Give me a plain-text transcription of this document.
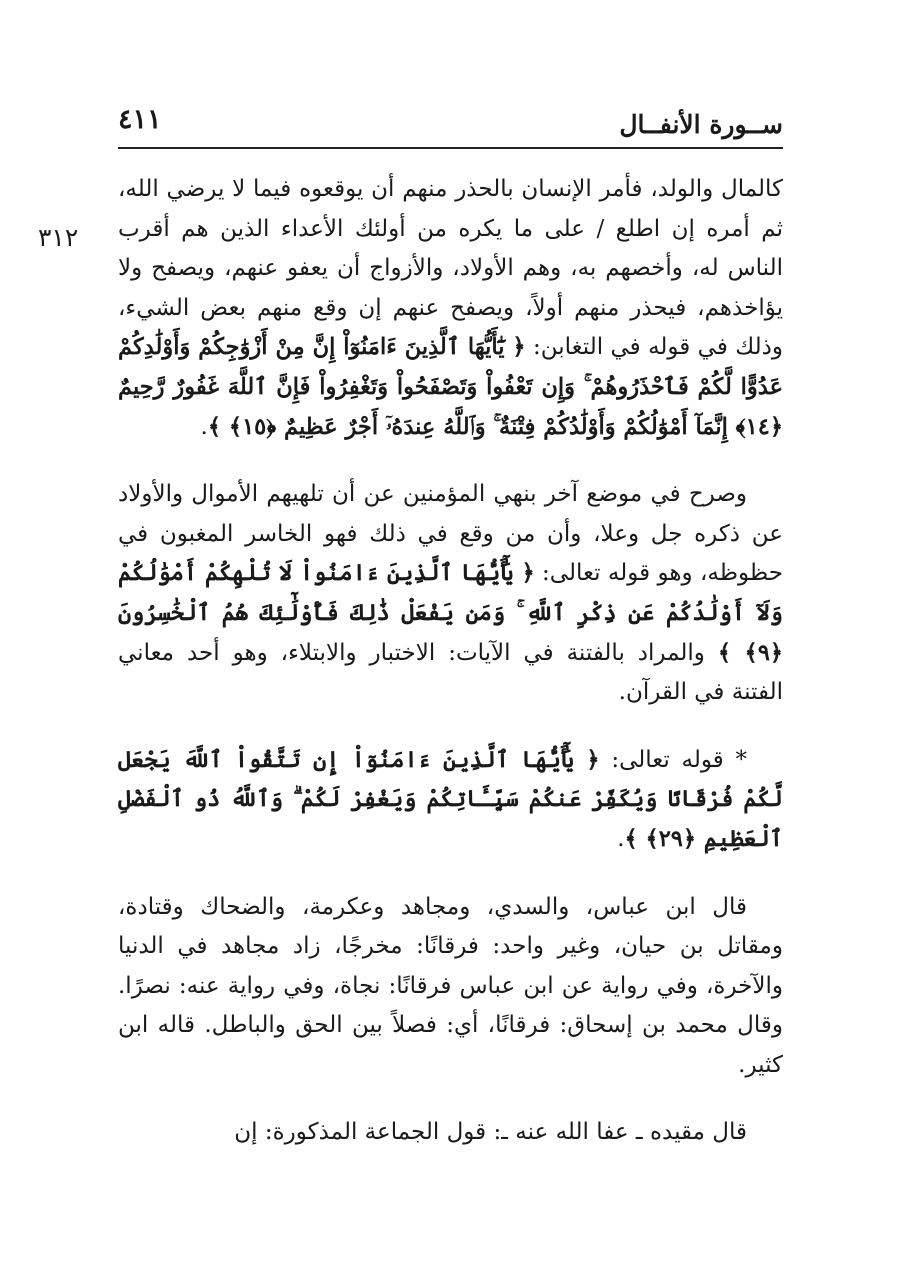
ســورة الأنفــال
٤١١
٣١٢

كالمال والولد، فأمر الإنسان بالحذر منهم أن يوقعوه فيما لا يرضي الله، ثم أمره إن اطلع / على ما يكره من أولئك الأعداء الذين هم أقرب الناس له، وأخصهم به، وهم الأولاد، والأزواج أن يعفو عنهم، ويصفح ولا يؤاخذهم، فيحذر منهم أولاً، ويصفح عنهم إن وقع منهم بعض الشيء، وذلك في قوله في التغابن: ﴿ يَٰٓأَيُّهَا ٱلَّذِينَ ءَامَنُوٓاْ إِنَّ مِنْ أَزْوَٰجِكُمْ وَأَوْلَٰدِكُمْ عَدُوًّا لَّكُمْ فَٱحْذَرُوهُمْ ۚ وَإِن تَعْفُواْ وَتَصْفَحُواْ وَتَغْفِرُواْ فَإِنَّ ٱللَّهَ غَفُورٌ رَّحِيمٌ ﴿١٤﴾ إِنَّمَآ أَمْوَٰلُكُمْ وَأَوْلَٰدُكُمْ فِتْنَةٌ ۚ وَٱللَّهُ عِندَهُۥٓ أَجْرٌ عَظِيمٌ ﴿١٥﴾ ﴾.

وصرح في موضع آخر بنهي المؤمنين عن أن تلهيهم الأموال والأولاد عن ذكره جل وعلا، وأن من وقع في ذلك فهو الخاسر المغبون في حظوظه، وهو قوله تعالى: ﴿ يَٰٓأَيُّهَا ٱلَّذِينَ ءَامَنُواْ لَا تُلْهِكُمْ أَمْوَٰلُكُمْ وَلَآ أَوْلَٰدُكُمْ عَن ذِكْرِ ٱللَّهِ ۚ وَمَن يَفْعَلْ ذَٰلِكَ فَأُوْلَٰٓئِكَ هُمُ ٱلْخَٰسِرُونَ ﴿٩﴾ ﴾ والمراد بالفتنة في الآيات: الاختبار والابتلاء، وهو أحد معاني الفتنة في القرآن.

* قوله تعالى: ﴿ يَٰٓأَيُّهَا ٱلَّذِينَ ءَامَنُوٓاْ إِن تَتَّقُواْ ٱللَّهَ يَجْعَل لَّكُمْ فُرْقَانًا وَيُكَفِّرْ عَنكُمْ سَيِّـَٔاتِكُمْ وَيَغْفِرْ لَكُمْ ۗ وَٱللَّهُ ذُو ٱلْفَضْلِ ٱلْعَظِيمِ ﴿٢٩﴾ ﴾.

قال ابن عباس، والسدي، ومجاهد وعكرمة، والضحاك وقتادة، ومقاتل بن حيان، وغير واحد: فرقانًا: مخرجًا، زاد مجاهد في الدنيا والآخرة، وفي رواية عن ابن عباس فرقانًا: نجاة، وفي رواية عنه: نصرًا. وقال محمد بن إسحاق: فرقانًا، أي: فصلاً بين الحق والباطل. قاله ابن كثير.

قال مقيده ـ عفا الله عنه ـ: قول الجماعة المذكورة: إن
